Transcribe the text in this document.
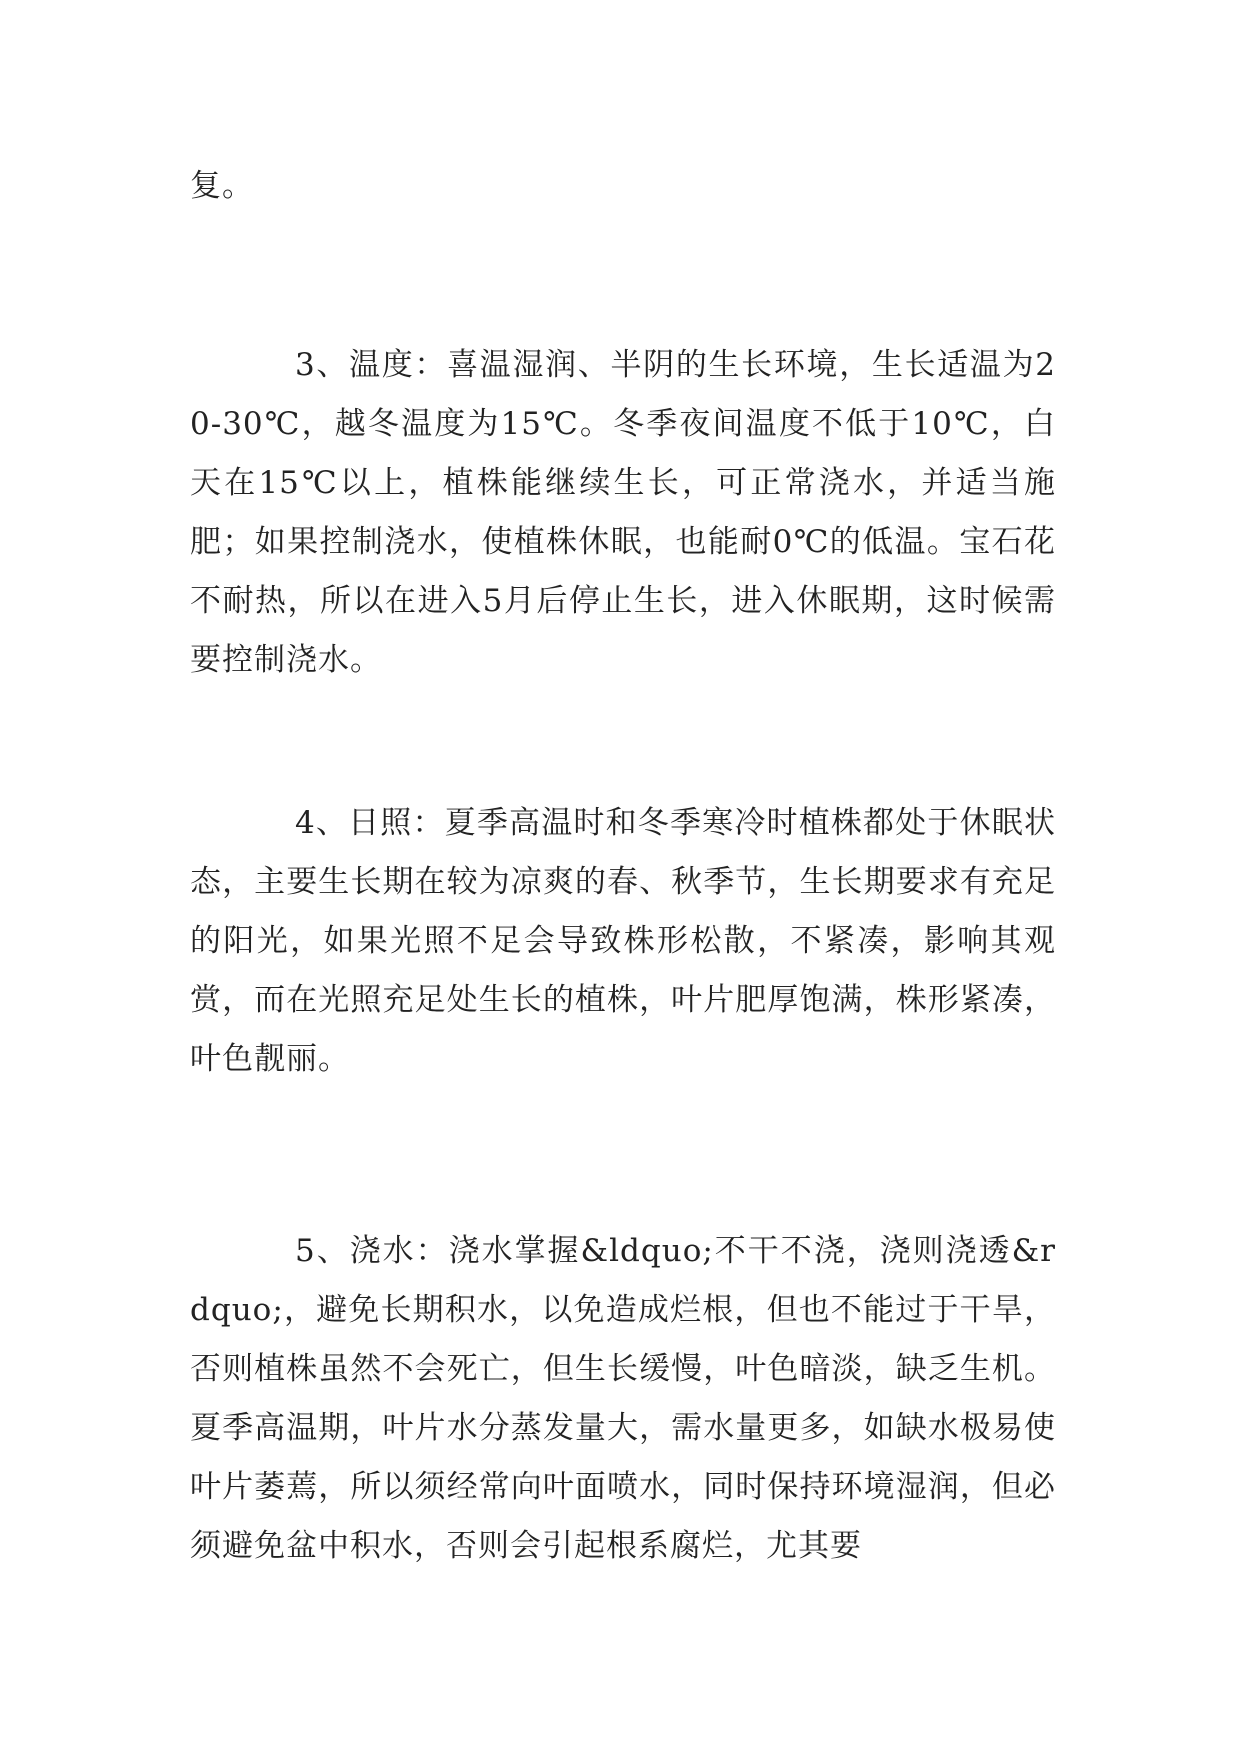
复。

3、温度：喜温湿润、半阴的生长环境，生长适温为20-30℃，越冬温度为15℃。冬季夜间温度不低于10℃，白天在15℃以上，植株能继续生长，可正常浇水，并适当施肥；如果控制浇水，使植株休眠，也能耐0℃的低温。宝石花不耐热，所以在进入5月后停止生长，进入休眠期，这时候需要控制浇水。

4、日照：夏季高温时和冬季寒冷时植株都处于休眠状态，主要生长期在较为凉爽的春、秋季节，生长期要求有充足的阳光，如果光照不足会导致株形松散，不紧凑，影响其观赏，而在光照充足处生长的植株，叶片肥厚饱满，株形紧凑，叶色靓丽。

5、浇水：浇水掌握&ldquo;不干不浇，浇则浇透&rdquo;，避免长期积水，以免造成烂根，但也不能过于干旱，否则植株虽然不会死亡，但生长缓慢，叶色暗淡，缺乏生机。夏季高温期，叶片水分蒸发量大，需水量更多，如缺水极易使叶片萎蔫，所以须经常向叶面喷水，同时保持环境湿润，但必须避免盆中积水，否则会引起根系腐烂，尤其要
